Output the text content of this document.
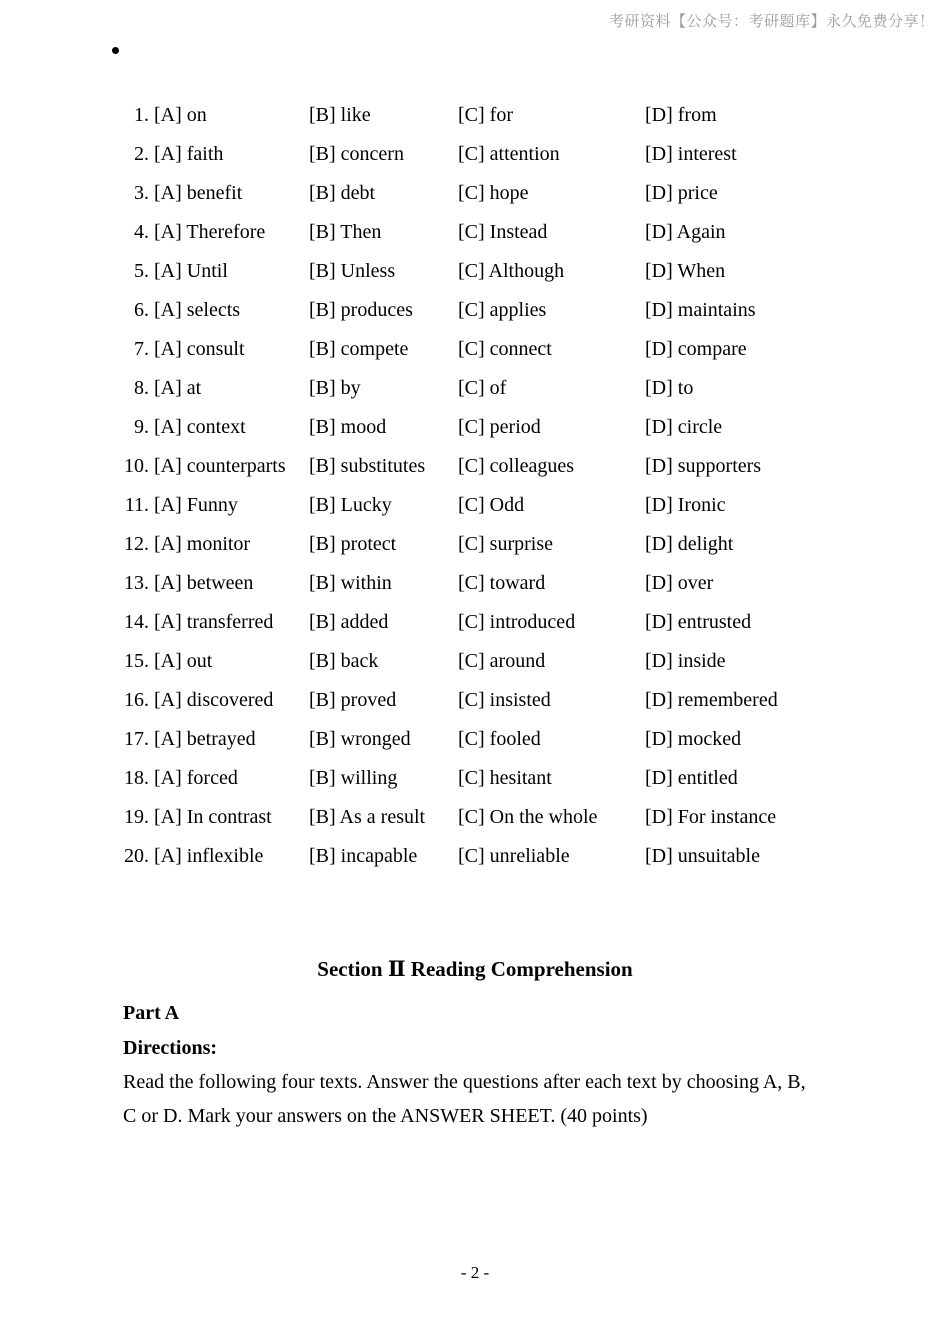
考研资料【公众号：考研题库】永久免费分享！
1. [A] on	[B] like	[C] for	[D] from
2. [A] faith	[B] concern	[C] attention	[D] interest
3. [A] benefit	[B] debt	[C] hope	[D] price
4. [A] Therefore [B] Then	[C] Instead	[D] Again
5. [A] Until	[B] Unless	[C] Although	[D] When
6. [A] selects	[B] produces [C] applies	[D] maintains
7. [A] consult	[B] compete [C] connect	[D] compare
8. [A] at	[B] by	[C] of	[D] to
9. [A] context	[B] mood	[C] period	[D] circle
10. [A] counterparts [B] substitutes [C] colleagues	[D] supporters
11. [A] Funny	[B] Lucky	[C] Odd	[D] Ironic
12. [A] monitor	[B] protect	[C] surprise	[D] delight
13. [A] between	[B] within	[C] toward	[D] over
14. [A] transferred [B] added	[C] introduced	[D] entrusted
15. [A] out	[B] back	[C] around	[D] inside
16. [A] discovered [B] proved	[C] insisted	[D] remembered
17. [A] betrayed	[B] wronged [C] fooled	[D] mocked
18. [A] forced	[B] willing	[C] hesitant	[D] entitled
19. [A] In contrast [B] As a result [C] On the whole [D] For instance
20. [A] inflexible [B] incapable [C] unreliable	[D] unsuitable
Section Ⅱ Reading Comprehension
Part A
Directions:
Read the following four texts. Answer the questions after each text by choosing A, B,
C or D. Mark your answers on the ANSWER SHEET. (40 points)
- 2 -
